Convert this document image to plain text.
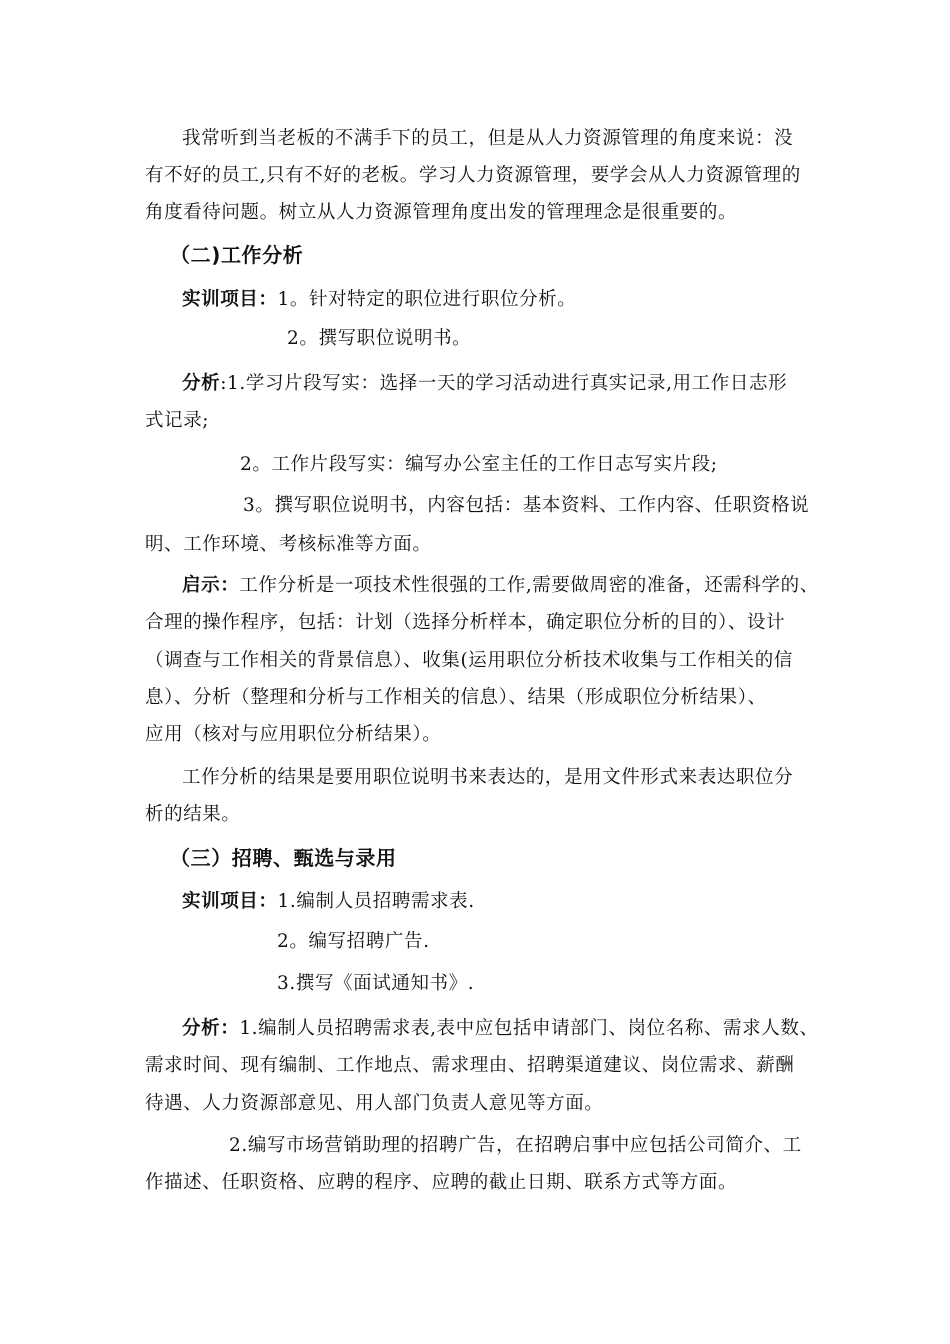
我常听到当老板的不满手下的员工，但是从人力资源管理的角度来说：没
有不好的员工,只有不好的老板。学习人力资源管理，要学会从人力资源管理的
角度看待问题。树立从人力资源管理角度出发的管理理念是很重要的。
（二)工作分析
实训项目：1。针对特定的职位进行职位分析。
2。撰写职位说明书。
分析:1.学习片段写实：选择一天的学习活动进行真实记录,用工作日志形
式记录;
2。工作片段写实：编写办公室主任的工作日志写实片段;
3。撰写职位说明书，内容包括：基本资料、工作内容、任职资格说
明、工作环境、考核标准等方面。
启示：工作分析是一项技术性很强的工作,需要做周密的准备，还需科学的、
合理的操作程序，包括：计划（选择分析样本，确定职位分析的目的）、设计
（调查与工作相关的背景信息）、收集(运用职位分析技术收集与工作相关的信
息）、分析（整理和分析与工作相关的信息）、结果（形成职位分析结果）、
应用（核对与应用职位分析结果）。
工作分析的结果是要用职位说明书来表达的，是用文件形式来表达职位分
析的结果。
（三）招聘、甄选与录用
实训项目：1.编制人员招聘需求表.
2。编写招聘广告.
3.撰写《面试通知书》.
分析：1.编制人员招聘需求表,表中应包括申请部门、岗位名称、需求人数、
需求时间、现有编制、工作地点、需求理由、招聘渠道建议、岗位需求、薪酬
待遇、人力资源部意见、用人部门负责人意见等方面。
2.编写市场营销助理的招聘广告，在招聘启事中应包括公司简介、工
作描述、任职资格、应聘的程序、应聘的截止日期、联系方式等方面。
